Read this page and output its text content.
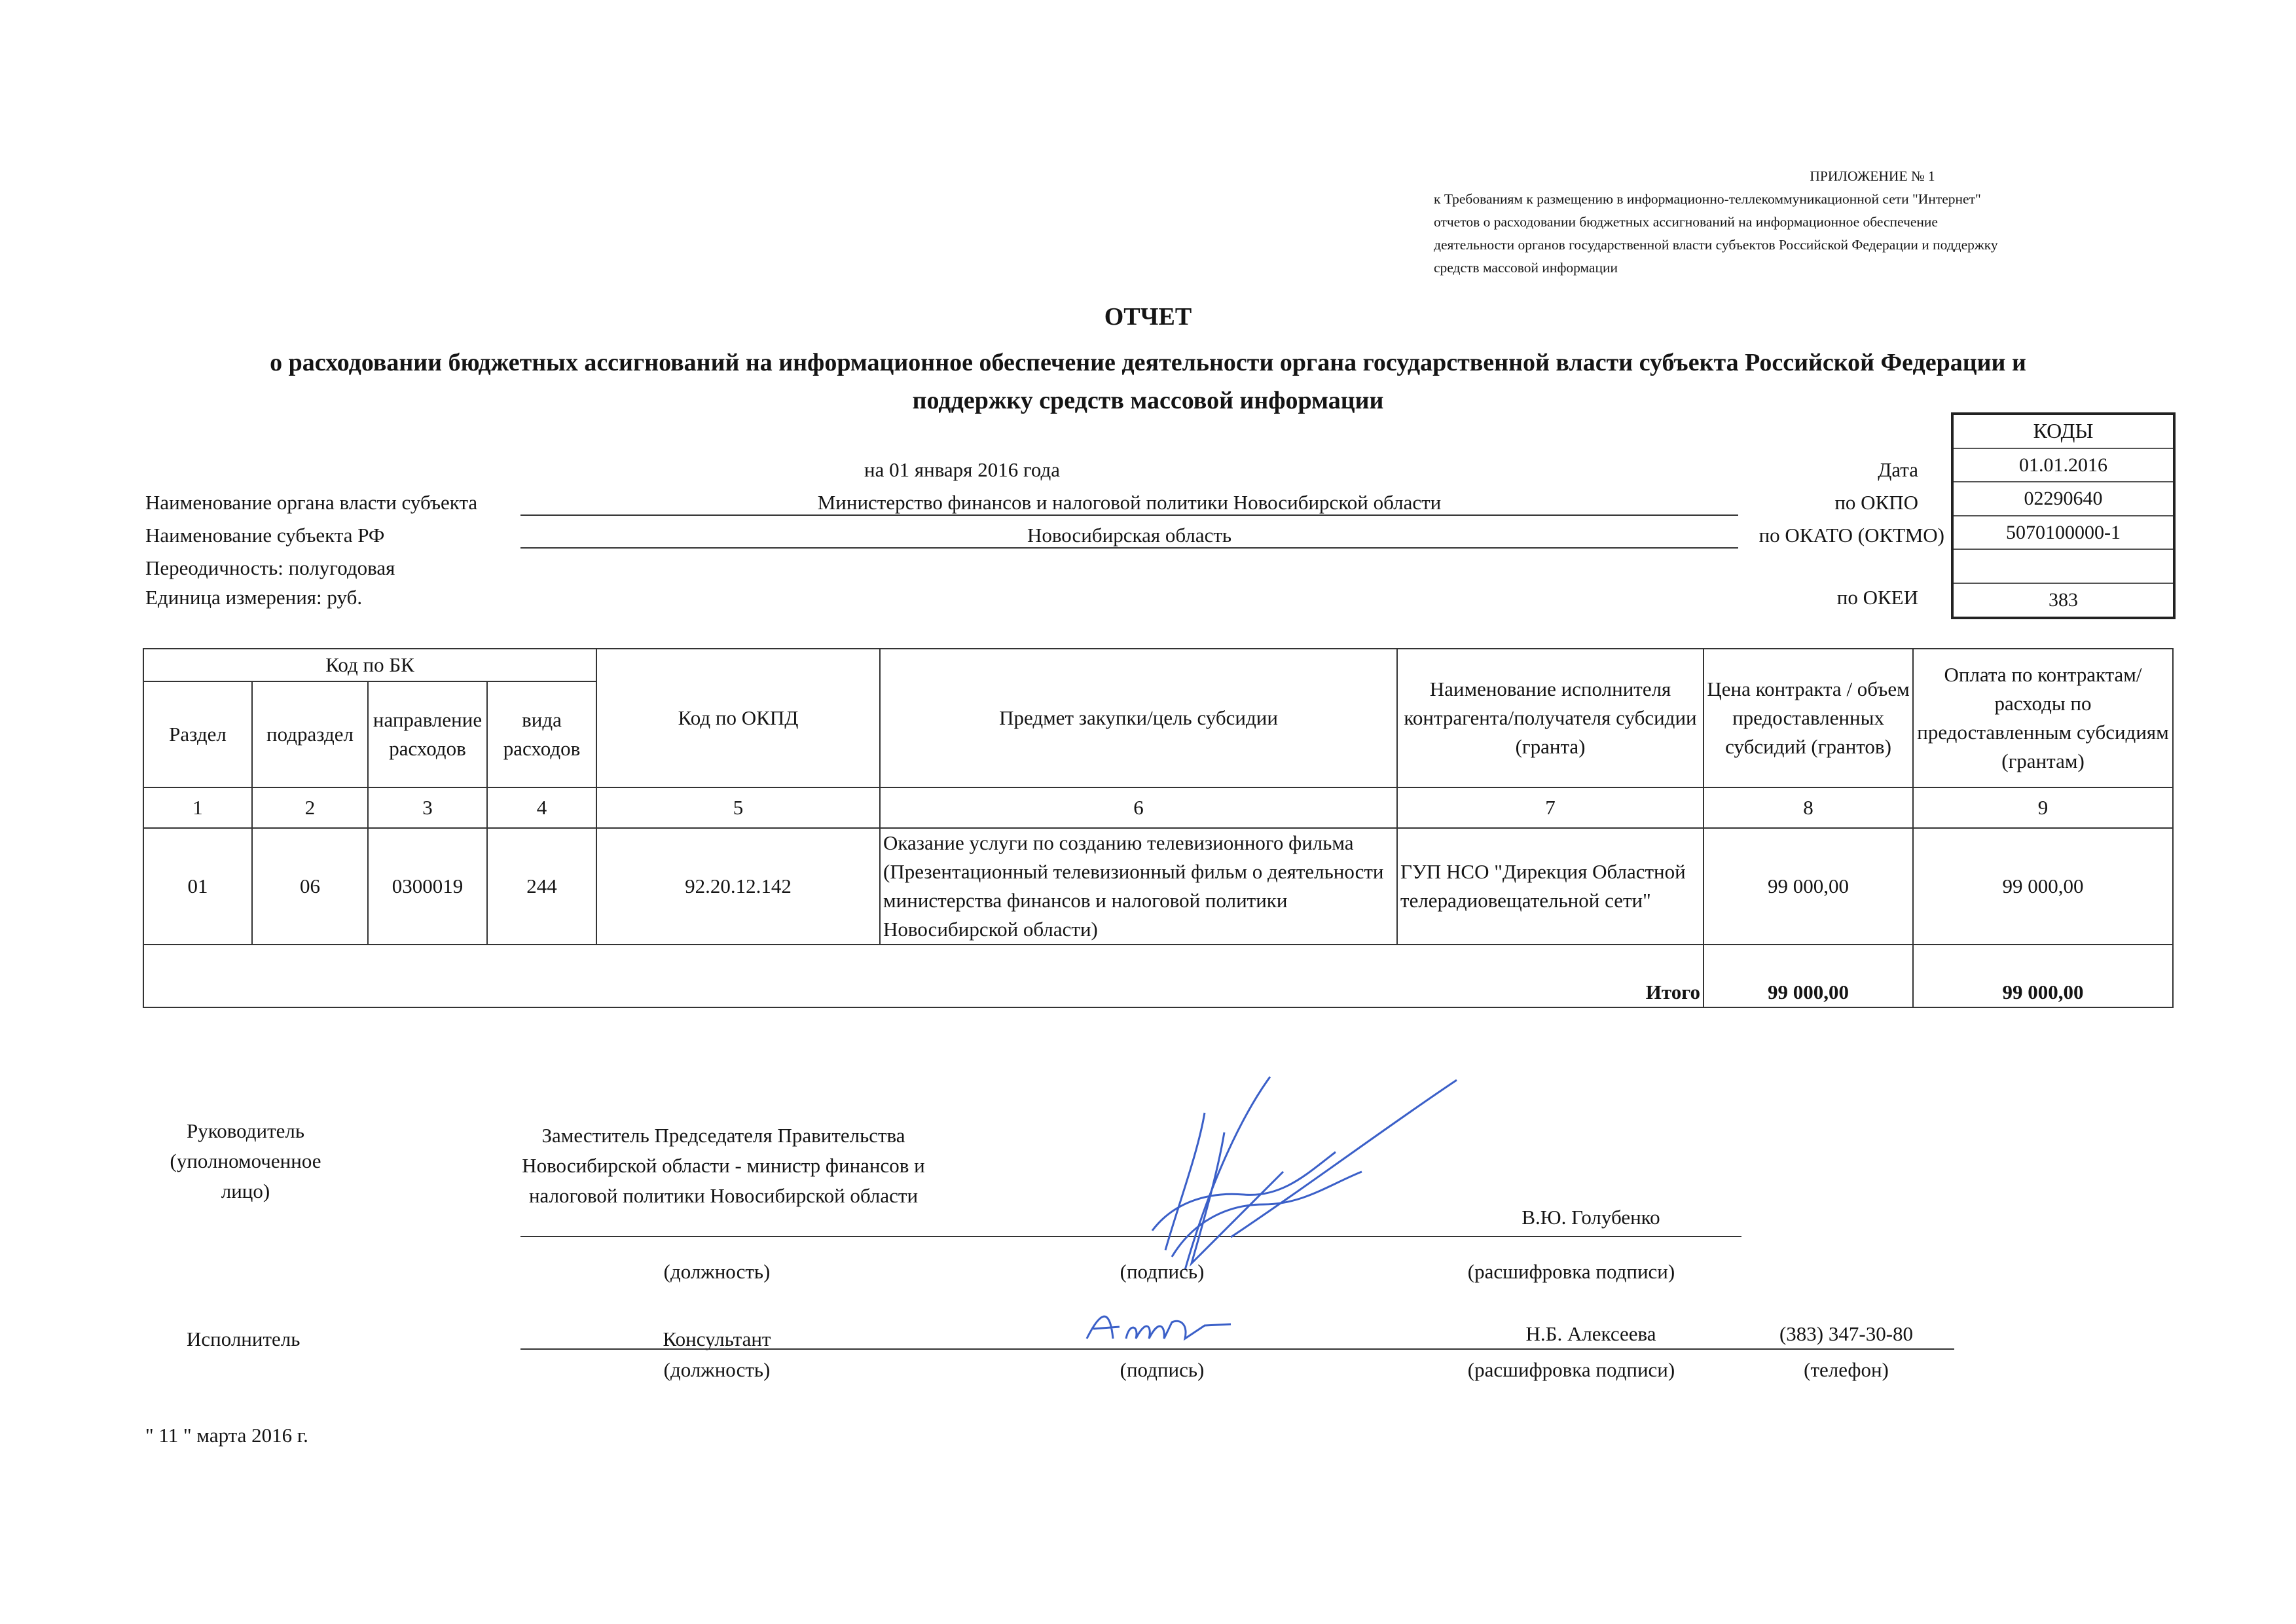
ПРИЛОЖЕНИЕ № 1
к Требованиям к размещению в информационно-теллекоммуникационной сети "Интернет"
отчетов о расходовании бюджетных ассигнований на информационное обеспечение
деятельности органов государственной власти субъектов Российской Федерации и поддержку
средств массовой информации
ОТЧЕТ
о расходовании бюджетных ассигнований на информационное обеспечение деятельности органа государственной власти субъекта Российской Федерации и
поддержку средств массовой информации
КОДЫ
01.01.2016
02290640
5070100000-1
383
на 01 января 2016 года	Дата
Наименование органа власти субъекта	Министерство финансов и налоговой политики Новосибирской области	по ОКПО
Наименование субъекта РФ	Новосибирская область	по ОКАТО (ОКТМО)
Переодичность: полугодовая
Единица измерения: руб.	по ОКЕИ
Код по БК				Код по ОКПД	Предмет закупки/цель субсидии	Наименование исполнителя контрагента/получателя субсидии (гранта)	Цена контракта / объем предоставленных субсидий (грантов)	Оплата по контрактам/расходы по предоставленным субсидиям (грантам)
Раздел	подраздел	направление расходов	вида расходов					
1	2	3	4	5	6	7	8	9
01	06	0300019	244	92.20.12.142	Оказание услуги по созданию телевизионного фильма (Презентационный телевизионный фильм о деятельности министерства финансов и налоговой политики Новосибирской области)	ГУП НСО "Дирекция Областной телерадиовещательной сети"	99 000,00	99 000,00
Итого							99 000,00	99 000,00
Руководитель (уполномоченное лицо)
Заместитель Председателя Правительства Новосибирской области - министр финансов и налоговой политики Новосибирской области
В.Ю. Голубенко
(должность)	(подпись)	(расшифровка подписи)
Исполнитель	Консультант	Н.Б. Алексеева	(383) 347-30-80
(должность)	(подпись)	(расшифровка подписи)	(телефон)
" 11 " марта 2016 г.
